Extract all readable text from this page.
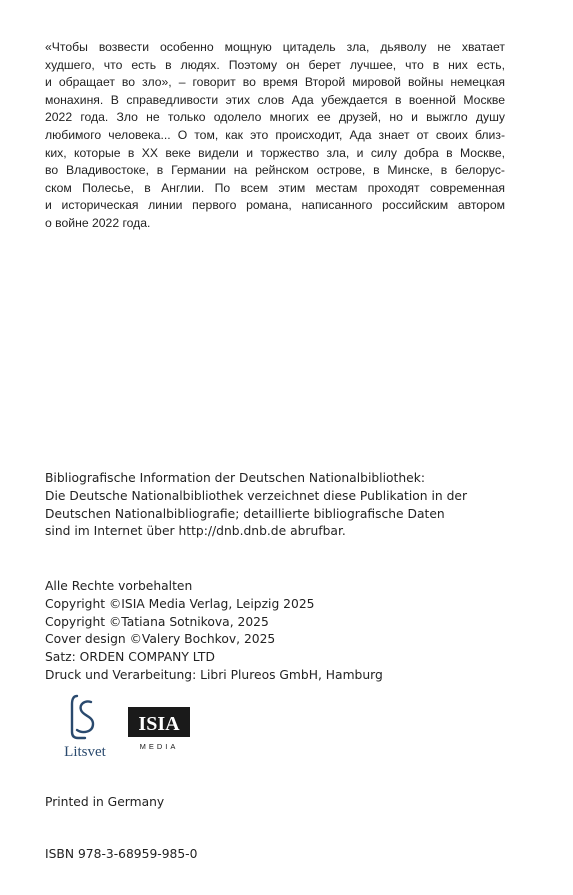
«Чтобы возвести особенно мощную цитадель зла, дьяволу не хватает
худшего, что есть в людях. Поэтому он берет лучшее, что в них есть,
и обращает во зло», – говорит во время Второй мировой войны немецкая
монахиня. В справедливости этих слов Ада убеждается в военной Москве
2022 года. Зло не только одолело многих ее друзей, но и выжгло душу
любимого человека... О том, как это происходит, Ада знает от своих близ-
ких, которые в XX веке видели и торжество зла, и силу добра в Москве,
во Владивостоке, в Германии на рейнском острове, в Минске, в белорус-
ском Полесье, в Англии. По всем этим местам проходят современная
и историческая линии первого романа, написанного российским автором
о войне 2022 года.
Bibliografische Information der Deutschen Nationalbibliothek:
Die Deutsche Nationalbibliothek verzeichnet diese Publikation in der
Deutschen Nationalbibliografie; detaillierte bibliografische Daten
sind im Internet über http://dnb.dnb.de abrufbar.
Alle Rechte vorbehalten
Copyright ©ISIA Media Verlag, Leipzig 2025
Copyright ©Tatiana Sotnikova, 2025
Cover design ©Valery Bochkov, 2025
Satz: ORDEN COMPANY LTD
Druck und Verarbeitung: Libri Plureos GmbH, Hamburg
Litsvet
ISIA
MEDIA
Printed in Germany
ISBN 978-3-68959-985-0
